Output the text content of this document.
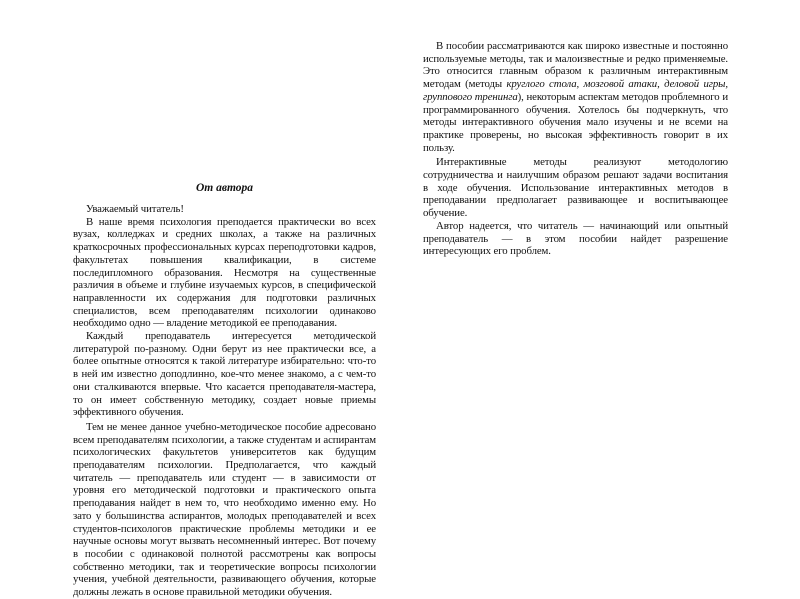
От автора

Уважаемый читатель!

В наше время психология преподается практически во всех вузах, колледжах и средних школах, а также на различных краткосрочных профессиональных курсах переподготовки кадров, факультетах повышения квалификации, в системе последипломного образования. Несмотря на существенные различия в объеме и глубине изучаемых курсов, в специфической направленности их содержания для подготовки различных специалистов, всем преподавателям психологии одинаково необходимо одно — владение методикой ее преподавания.

Каждый преподаватель интересуется методической литературой по-разному. Одни берут из нее практически все, а более опытные относятся к такой литературе избирательно: что-то в ней им известно доподлинно, кое-что менее знакомо, а с чем-то они сталкиваются впервые. Что касается преподавателя-мастера, то он имеет собственную методику, создает новые приемы эффективного обучения.

Тем не менее данное учебно-методическое пособие адресовано всем преподавателям психологии, а также студентам и аспирантам психологических факультетов университетов как будущим преподавателям психологии. Предполагается, что каждый читатель — преподаватель или студент — в зависимости от уровня его методической подготовки и практического опыта преподавания найдет в нем то, что необходимо именно ему. Но зато у большинства аспирантов, молодых преподавателей и всех студентов-психологов практические проблемы методики и ее научные основы могут вызвать несомненный интерес. Вот почему в пособии с одинаковой полнотой рассмотрены как вопросы собственно методики, так и теоретические вопросы психологии учения, учебной деятельности, развивающего обучения, которые должны лежать в основе правильной методики обучения.

В пособии рассматриваются как широко известные и постоянно используемые методы, так и малоизвестные и редко применяемые. Это относится главным образом к различным интерактивным методам (методы круглого стола, мозговой атаки, деловой игры, группового тренинга), некоторым аспектам методов проблемного и программированного обучения. Хотелось бы подчеркнуть, что методы интерактивного обучения мало изучены и не всеми на практике проверены, но высокая эффективность говорит в их пользу.

Интерактивные методы реализуют методологию сотрудничества и наилучшим образом решают задачи воспитания в ходе обучения. Использование интерактивных методов в преподавании предполагает развивающее и воспитывающее обучение.

Автор надеется, что читатель — начинающий или опытный преподаватель — в этом пособии найдет разрешение интересующих его проблем.
